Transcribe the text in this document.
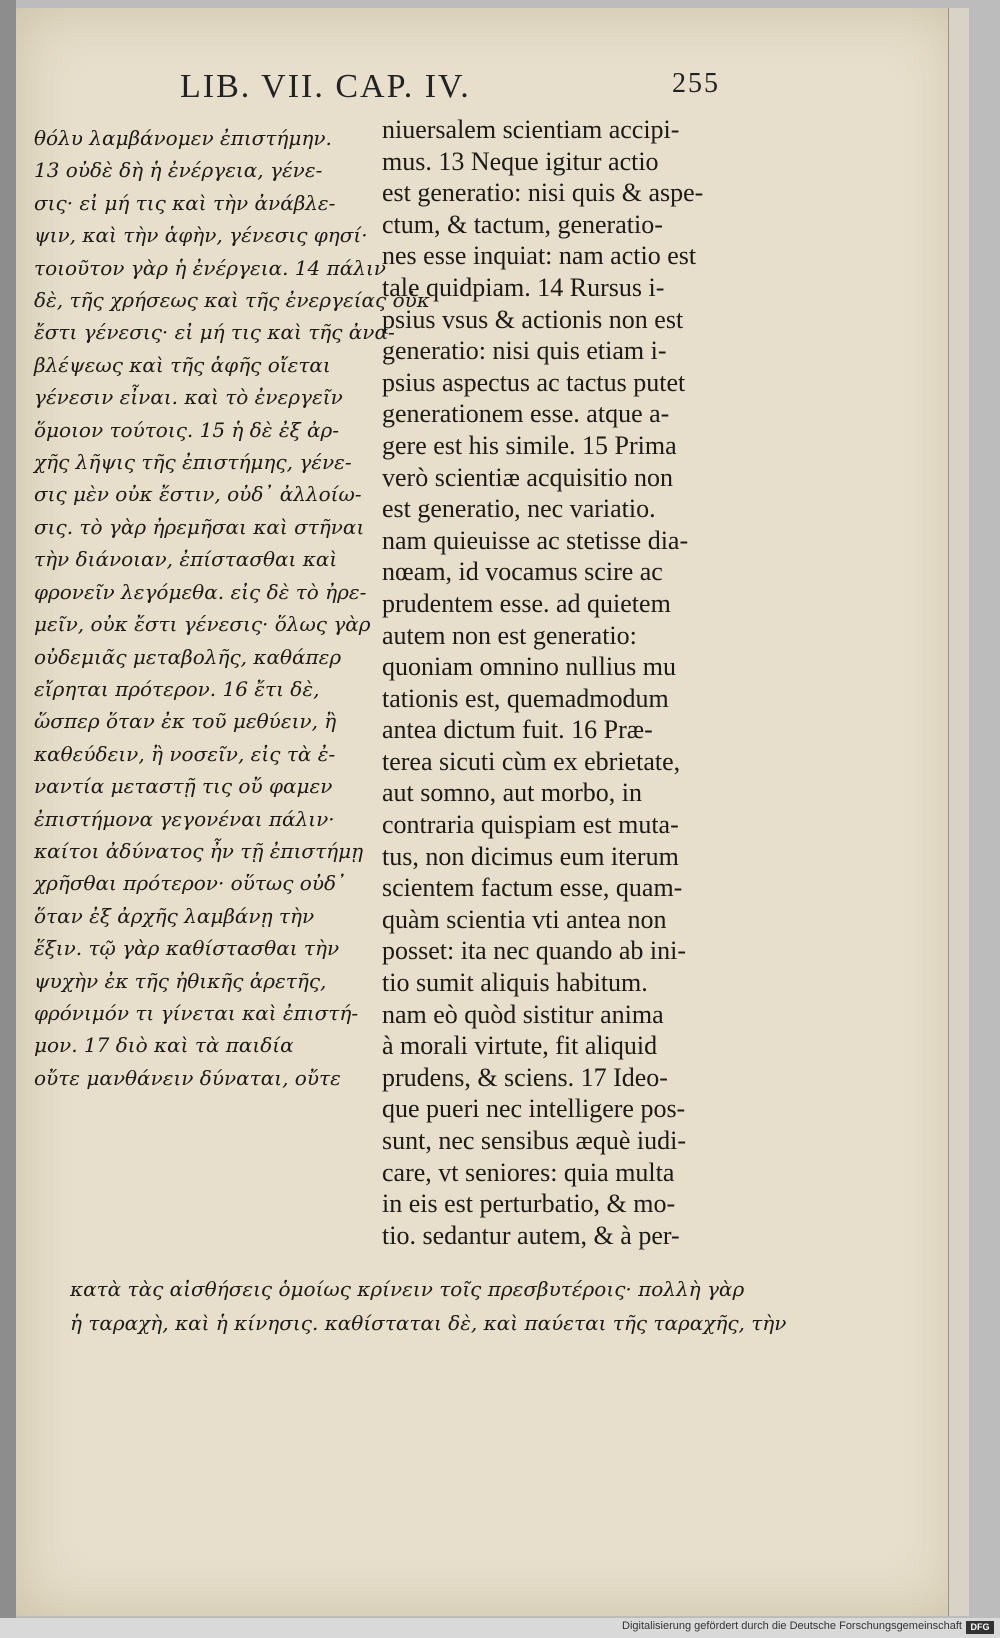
LIB. VII. CAP. IV.	255
θόλυ λαμβάνομεν ἐπιστήμην.
13 οὐδὲ δὴ ἡ ἐνέργεια, γένε-
σις· εἰ μή τις καὶ τὴν ἀνάβλε-
ψιν, καὶ τὴν ἁφὴν, γένεσις φησί·
τοιοῦτον γὰρ ἡ ἐνέργεια. 14 πάλιν
δὲ, τῆς χρήσεως καὶ τῆς ἐνεργείας οὐκ
ἔστι γένεσις· εἰ μή τις καὶ τῆς ἀνα-
βλέψεως καὶ τῆς ἁφῆς οἴεται
γένεσιν εἶναι. καὶ τὸ ἐνεργεῖν
ὅμοιον τούτοις. 15 ἡ δὲ ἐξ ἀρ-
χῆς λῆψις τῆς ἐπιστήμης, γένε-
σις μὲν οὐκ ἔστιν, οὐδ᾽ ἀλλοίω-
σις. τὸ γὰρ ἠρεμῆσαι καὶ στῆναι
τὴν διάνοιαν, ἐπίστασθαι καὶ
φρονεῖν λεγόμεθα. εἰς δὲ τὸ ἠρε-
μεῖν, οὐκ ἔστι γένεσις· ὅλως γὰρ
οὐδεμιᾶς μεταβολῆς, καθάπερ
εἴρηται πρότερον. 16 ἔτι δὲ,
ὥσπερ ὅταν ἐκ τοῦ μεθύειν, ἢ
καθεύδειν, ἢ νοσεῖν, εἰς τὰ ἐ-
ναντία μεταστῇ τις οὔ φαμεν
ἐπιστήμονα γεγονέναι πάλιν·
καίτοι ἀδύνατος ἦν τῇ ἐπιστήμῃ
χρῆσθαι πρότερον· οὕτως οὐδ᾽
ὅταν ἐξ ἀρχῆς λαμβάνῃ τὴν
ἕξιν. τῷ γὰρ καθίστασθαι τὴν
ψυχὴν ἐκ τῆς ἠθικῆς ἀρετῆς,
φρόνιμόν τι γίνεται καὶ ἐπιστή-
μον. 17 διὸ καὶ τὰ παιδία
οὔτε μανθάνειν δύναται, οὔτε
niuersalem scientiam accipi-
mus. 13 Neque igitur actio
est generatio: nisi quis & aspe-
ctum, & tactum, generatio-
nes esse inquiat: nam actio est
tale quidpiam. 14 Rursus i-
psius vsus & actionis non est
generatio: nisi quis etiam i-
psius aspectus ac tactus putet
generationem esse. atque a-
gere est his simile. 15 Prima
verò scientiæ acquisitio non
est generatio, nec variatio.
nam quieuisse ac stetisse dia-
nœam, id vocamus scire ac
prudentem esse. ad quietem
autem non est generatio:
quoniam omnino nullius mu
tationis est, quemadmodum
antea dictum fuit. 16 Præ-
terea sicuti cùm ex ebrietate,
aut somno, aut morbo, in
contraria quispiam est muta-
tus, non dicimus eum iterum
scientem factum esse, quam-
quàm scientia vti antea non
posset: ita nec quando ab ini-
tio sumit aliquis habitum.
nam eò quòd sistitur anima
à morali virtute, fit aliquid
prudens, & sciens. 17 Ideo-
que pueri nec intelligere pos-
sunt, nec sensibus æquè iudi-
care, vt seniores: quia multa
in eis est perturbatio, & mo-
tio. sedantur autem, & à per-
κατὰ τὰς αἰσθήσεις ὁμοίως κρίνειν τοῖς πρεσβυτέροις· πολλὴ γὰρ
ἡ ταραχὴ, καὶ ἡ κίνησις. καθίσταται δὲ, καὶ παύεται τῆς ταραχῆς, τὴν
Digitalisierung gefördert durch die Deutsche Forschungsgemeinschaft DFG
